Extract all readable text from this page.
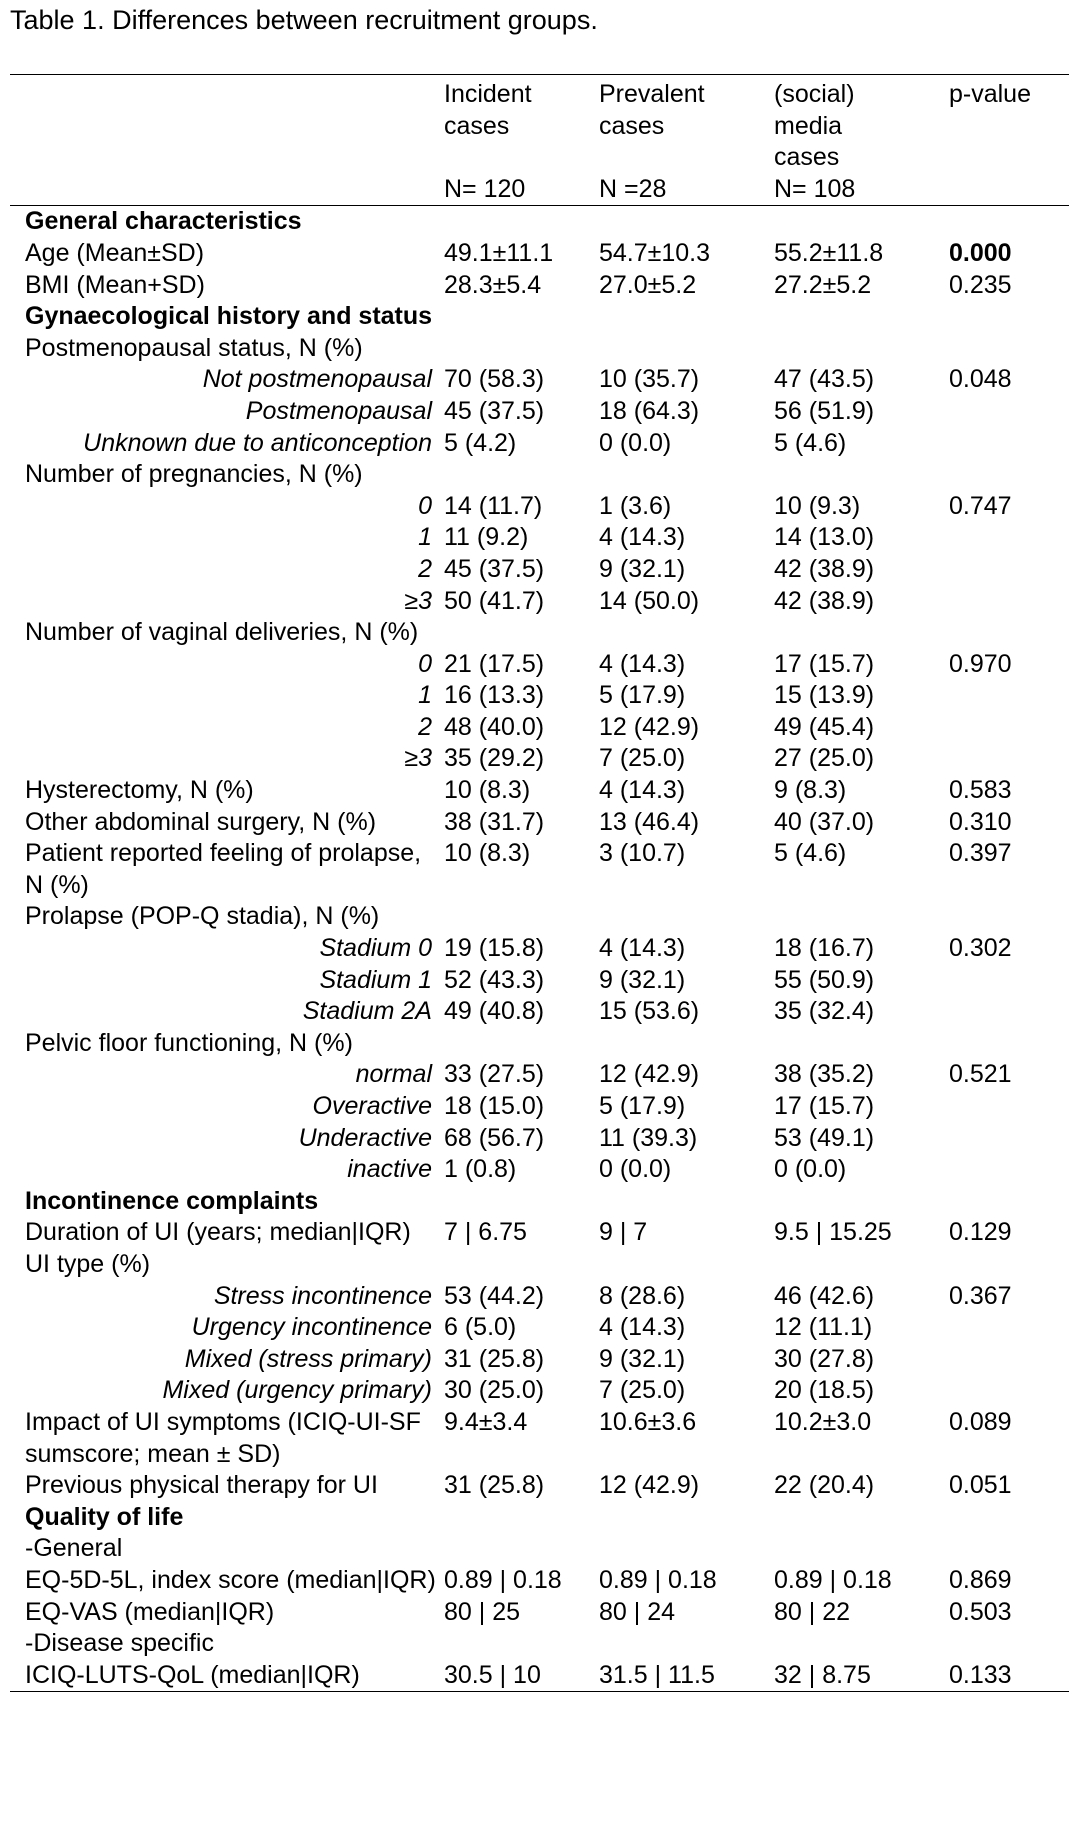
Table 1. Differences between recruitment groups.
	Incident cases	Prevalent cases	(social) media cases	p-value
	N= 120	N =28	N= 108	
General characteristics				
Age (Mean±SD)	49.1±11.1	54.7±10.3	55.2±11.8	0.000
BMI (Mean+SD)	28.3±5.4	27.0±5.2	27.2±5.2	0.235
Gynaecological history and status				
Postmenopausal status, N (%)				
Not postmenopausal	70 (58.3)	10 (35.7)	47 (43.5)	0.048
Postmenopausal	45 (37.5)	18 (64.3)	56 (51.9)	
Unknown due to anticonception	5 (4.2)	0 (0.0)	5 (4.6)	
Number of pregnancies, N (%)				
0	14 (11.7)	1 (3.6)	10 (9.3)	0.747
1	11 (9.2)	4 (14.3)	14 (13.0)	
2	45 (37.5)	9 (32.1)	42 (38.9)	
≥3	50 (41.7)	14 (50.0)	42 (38.9)	
Number of vaginal deliveries, N (%)				
0	21 (17.5)	4 (14.3)	17 (15.7)	0.970
1	16 (13.3)	5 (17.9)	15 (13.9)	
2	48 (40.0)	12 (42.9)	49 (45.4)	
≥3	35 (29.2)	7 (25.0)	27 (25.0)	
Hysterectomy, N (%)	10 (8.3)	4 (14.3)	9 (8.3)	0.583
Other abdominal surgery, N (%)	38 (31.7)	13 (46.4)	40 (37.0)	0.310
Patient reported feeling of prolapse, N (%)	10 (8.3)	3 (10.7)	5 (4.6)	0.397
Prolapse (POP-Q stadia), N (%)				
Stadium 0	19 (15.8)	4 (14.3)	18 (16.7)	0.302
Stadium 1	52 (43.3)	9 (32.1)	55 (50.9)	
Stadium 2A	49 (40.8)	15 (53.6)	35 (32.4)	
Pelvic floor functioning, N (%)				
normal	33 (27.5)	12 (42.9)	38 (35.2)	0.521
Overactive	18 (15.0)	5 (17.9)	17 (15.7)	
Underactive	68 (56.7)	11 (39.3)	53 (49.1)	
inactive	1 (0.8)	0 (0.0)	0 (0.0)	
Incontinence complaints				
Duration of UI (years; median|IQR)	7 | 6.75	9 | 7	9.5 | 15.25	0.129
UI type (%)				
Stress incontinence	53 (44.2)	8 (28.6)	46 (42.6)	0.367
Urgency incontinence	6 (5.0)	4 (14.3)	12 (11.1)	
Mixed (stress primary)	31 (25.8)	9 (32.1)	30 (27.8)	
Mixed (urgency primary)	30 (25.0)	7 (25.0)	20 (18.5)	
Impact of UI symptoms (ICIQ-UI-SF sumscore; mean ± SD)	9.4±3.4	10.6±3.6	10.2±3.0	0.089
Previous physical therapy for UI	31 (25.8)	12 (42.9)	22 (20.4)	0.051
Quality of life				
-General				
EQ-5D-5L, index score (median|IQR)	0.89 | 0.18	0.89 | 0.18	0.89 | 0.18	0.869
EQ-VAS (median|IQR)	80 | 25	80 | 24	80 | 22	0.503
-Disease specific				
ICIQ-LUTS-QoL (median|IQR)	30.5 | 10	31.5 | 11.5	32 | 8.75	0.133
